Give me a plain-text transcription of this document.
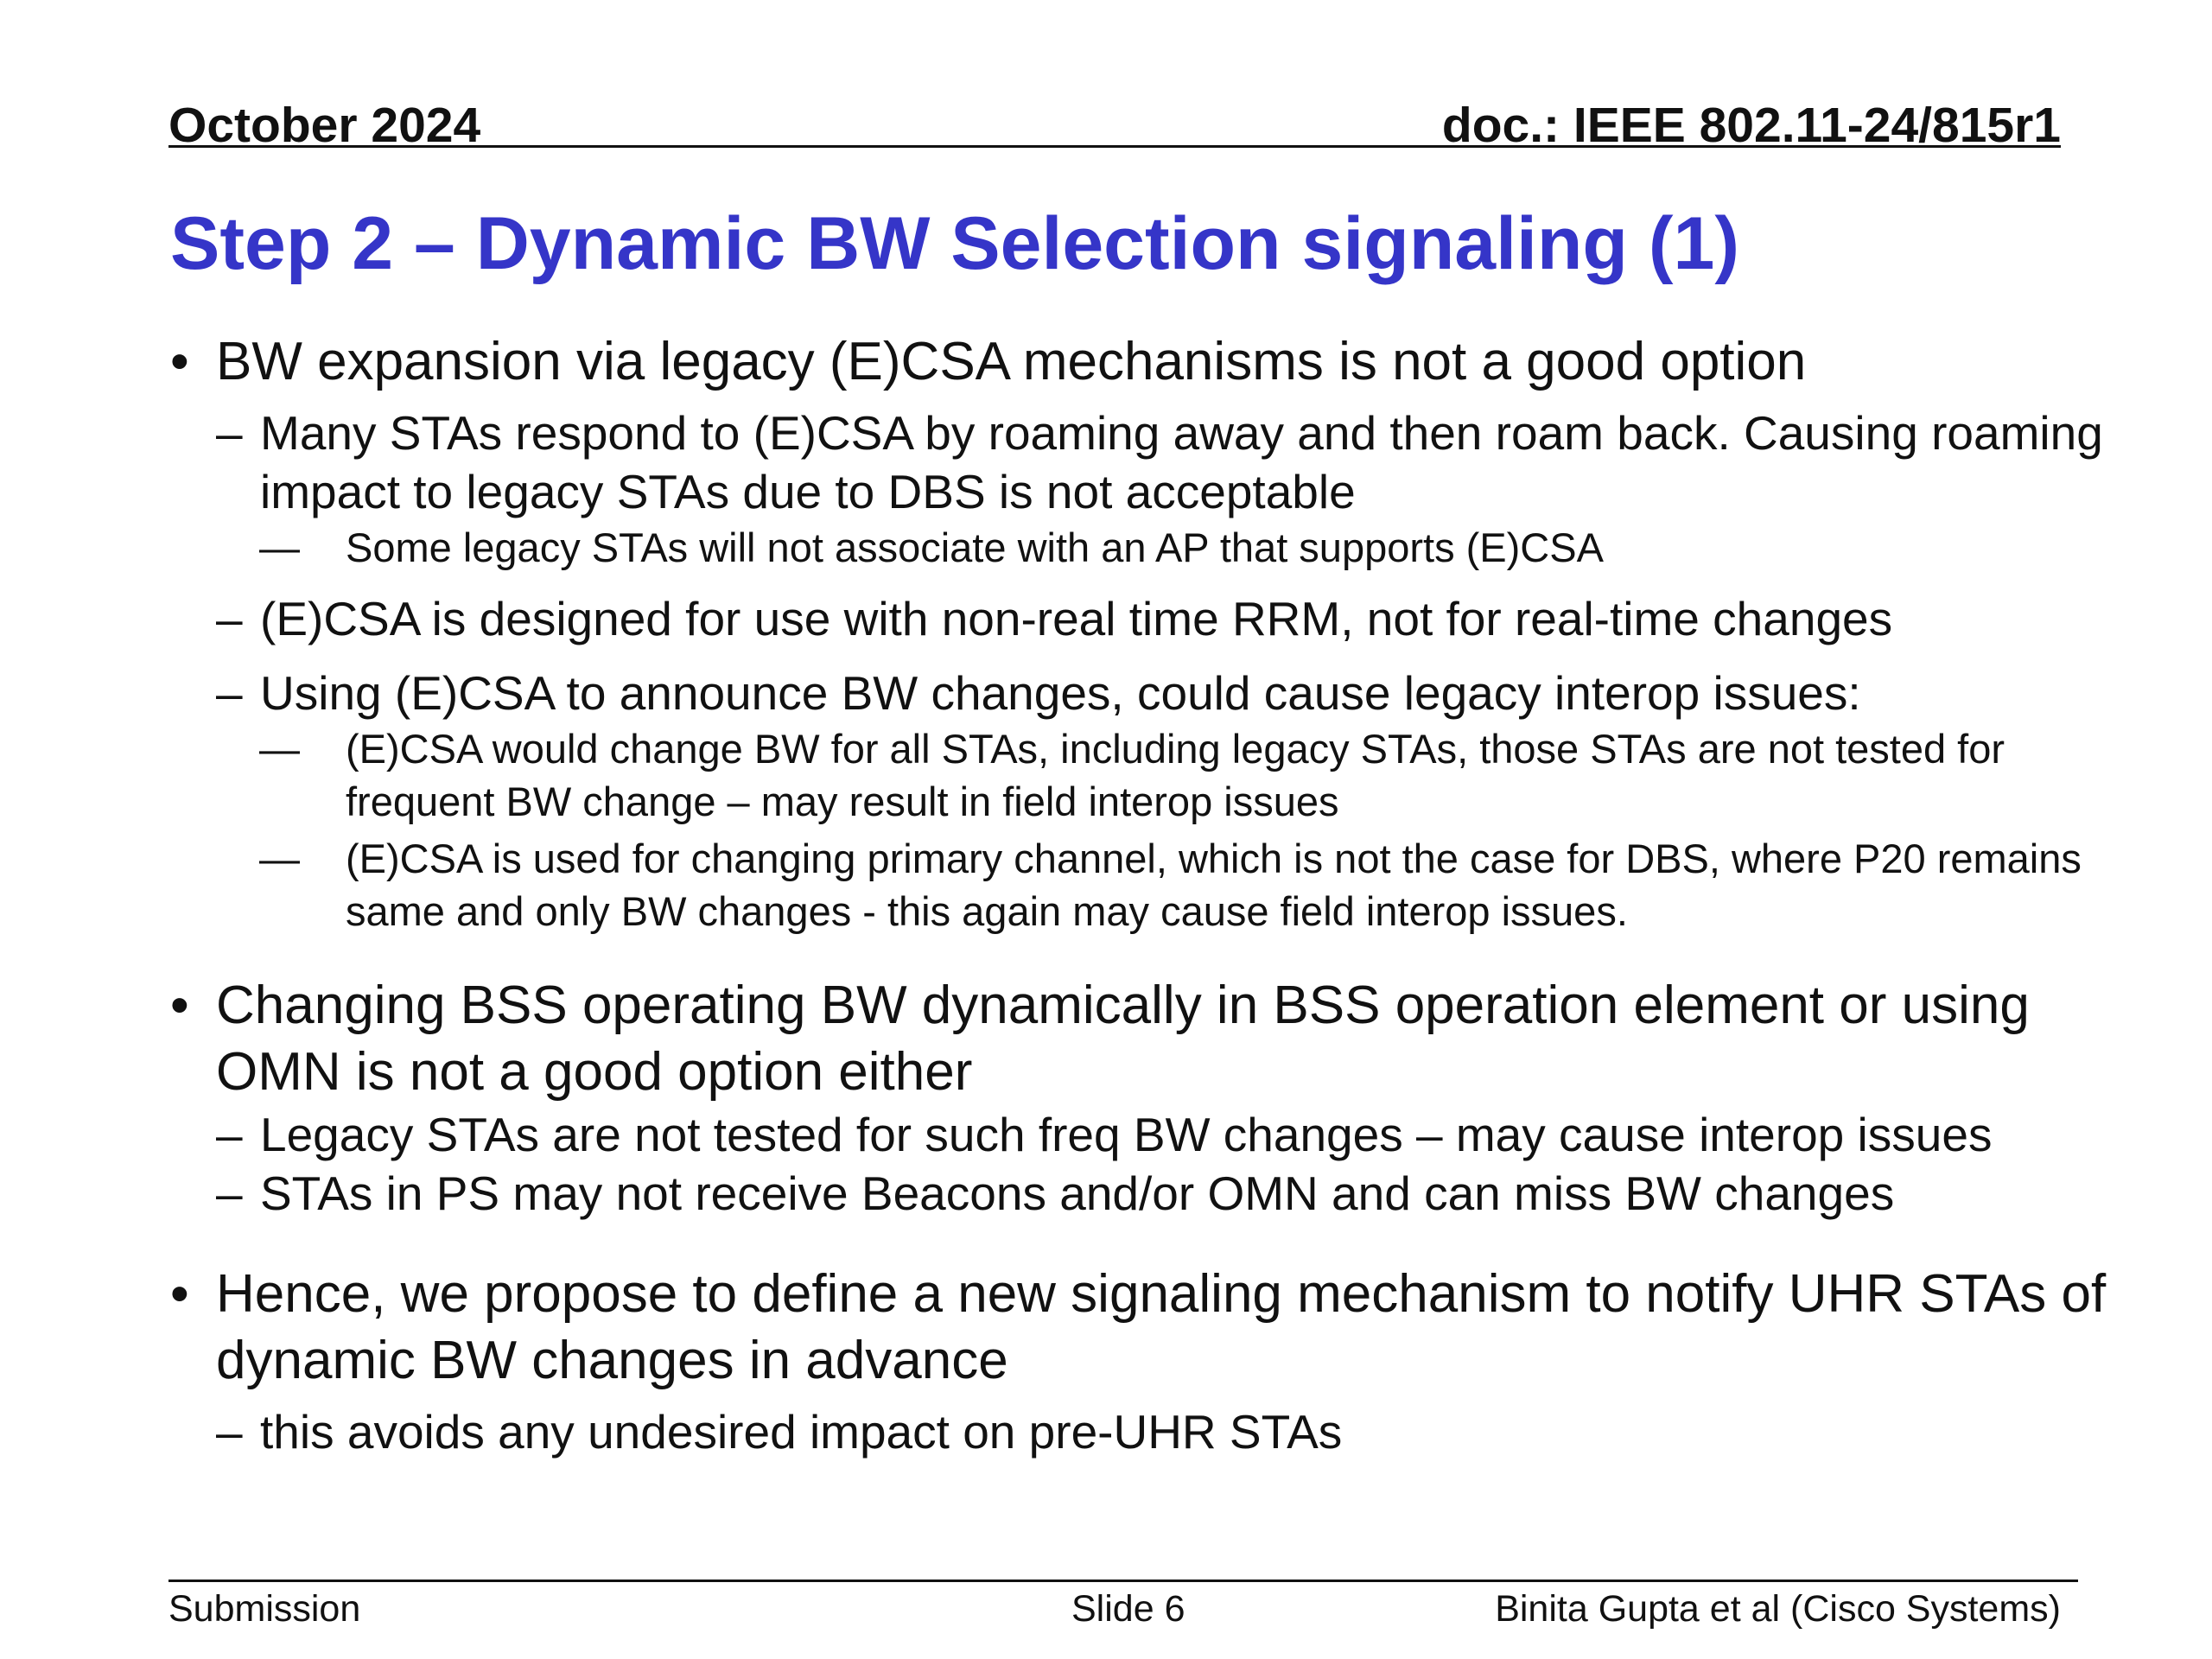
October 2024	doc.: IEEE 802.11-24/815r1
Step 2 – Dynamic BW Selection signaling (1)
• BW expansion via legacy (E)CSA mechanisms is not a good option
– Many STAs respond to (E)CSA by roaming away and then roam back. Causing roaming impact to legacy STAs due to DBS is not acceptable
— Some legacy STAs will not associate with an AP that supports (E)CSA
– (E)CSA is designed for use with non-real time RRM, not for real-time changes
– Using (E)CSA to announce BW changes, could cause legacy interop issues:
— (E)CSA would change BW for all STAs, including legacy STAs, those STAs are not tested for frequent BW change – may result in field interop issues
— (E)CSA is used for changing primary channel, which is not the case for DBS, where P20 remains same and only BW changes - this again may cause field interop issues.
• Changing BSS operating BW dynamically in BSS operation element or using OMN is not a good option either
– Legacy STAs are not tested for such freq BW changes – may cause interop issues
– STAs in PS may not receive Beacons and/or OMN and can miss BW changes
• Hence, we propose to define a new signaling mechanism to notify UHR STAs of dynamic BW changes in advance
– this avoids any undesired impact on pre-UHR STAs
Submission	Slide 6	Binita Gupta et al (Cisco Systems)
